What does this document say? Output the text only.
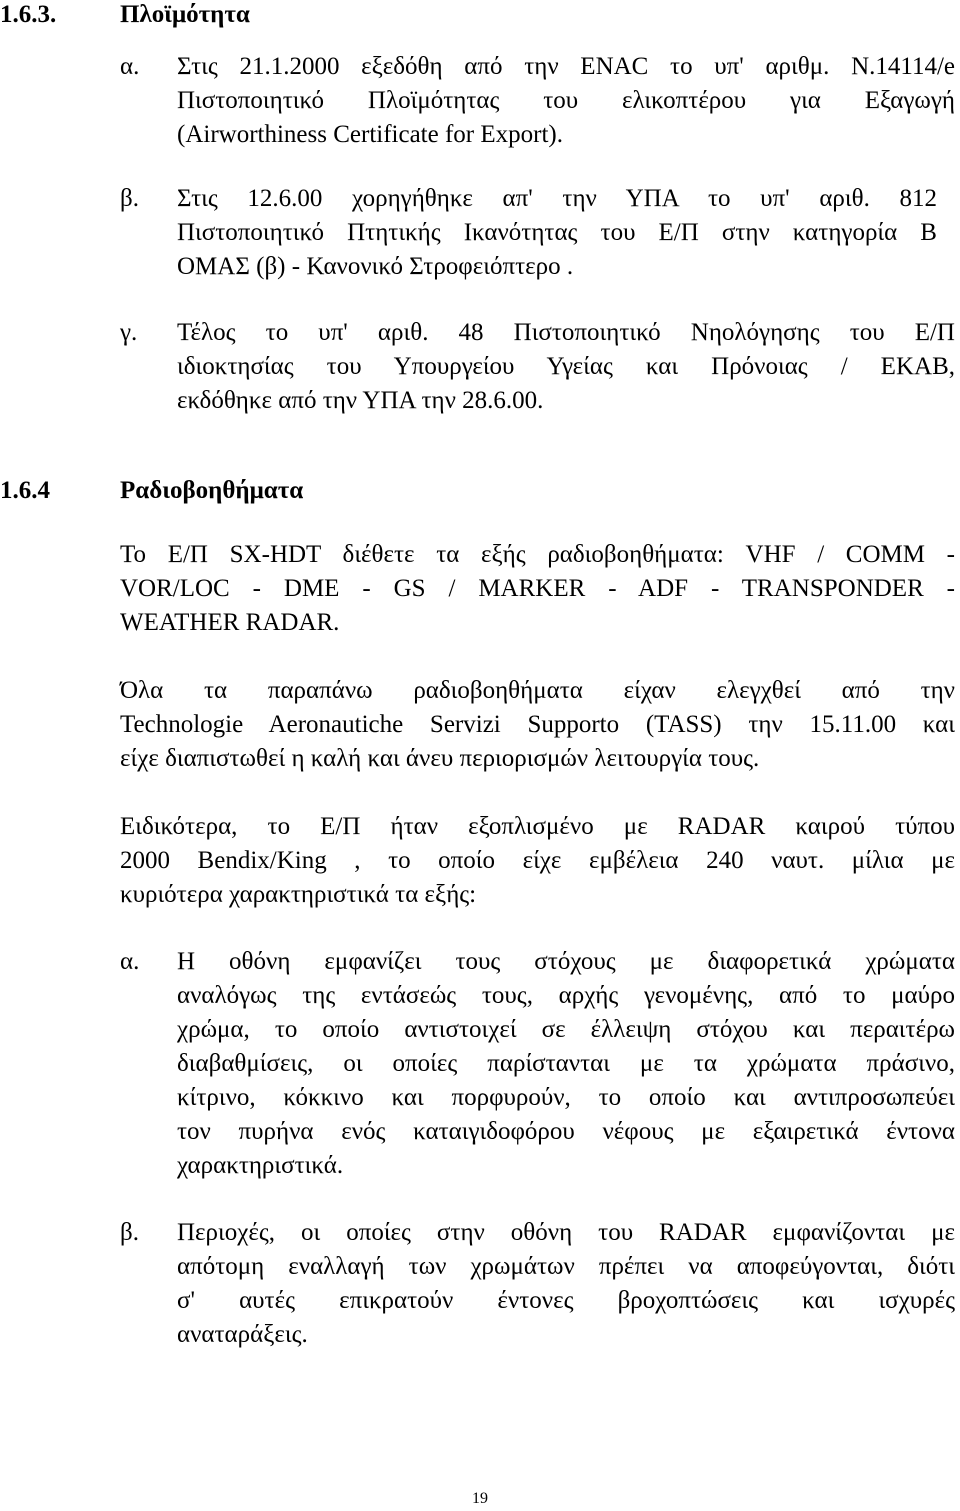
1.6.3.	Πλοϊμότητα
α. Στις 21.1.2000 εξεδόθη από την ENAC το υπ' αριθμ. Ν.14114/e
Πιστοποιητικό Πλοϊμότητας του ελικοπτέρου για Εξαγωγή
(Airworthiness Certificate for Export).
β. Στις 12.6.00 χορηγήθηκε απ' την ΥΠΑ το υπ' αριθ. 812
Πιστοποιητικό Πτητικής Ικανότητας του Ε/Π στην κατηγορία Β
ΟΜΑΣ (β) - Κανονικό Στροφειόπτερο .
γ. Τέλος το υπ' αριθ. 48 Πιστοποιητικό Νηολόγησης του Ε/Π
ιδιοκτησίας του Υπουργείου Υγείας και Πρόνοιας / ΕΚΑΒ,
εκδόθηκε από την ΥΠΑ την 28.6.00.
1.6.4	Ραδιοβοηθήματα
Το Ε/Π SX-HDT διέθετε τα εξής ραδιοβοηθήματα: VHF / COMM -
VOR/LOC - DME - GS / MARKER - ADF - TRANSPONDER -
WEATHER RADAR.
Όλα τα παραπάνω ραδιοβοηθήματα είχαν ελεγχθεί από την
Technologie Aeronautiche Servizi Supporto (TASS) την 15.11.00 και
είχε διαπιστωθεί η καλή και άνευ περιορισμών λειτουργία τους.
Ειδικότερα, το Ε/Π ήταν εξοπλισμένο με RADAR καιρού τύπου
2000 Bendix/King , το οποίο είχε εμβέλεια 240 ναυτ. μίλια με
κυριότερα χαρακτηριστικά τα εξής:
α. Η οθόνη εμφανίζει τους στόχους με διαφορετικά χρώματα
αναλόγως της εντάσεώς τους, αρχής γενομένης, από το μαύρο
χρώμα, το οποίο αντιστοιχεί σε έλλειψη στόχου και περαιτέρω
διαβαθμίσεις, οι οποίες παρίστανται με τα χρώματα πράσινο,
κίτρινο, κόκκινο και πορφυρούν, το οποίο και αντιπροσωπεύει
τον πυρήνα ενός καταιγιδοφόρου νέφους με εξαιρετικά έντονα
χαρακτηριστικά.
β. Περιοχές, οι οποίες στην οθόνη του RADAR εμφανίζονται με
απότομη εναλλαγή των χρωμάτων πρέπει να αποφεύγονται, διότι
σ' αυτές επικρατούν έντονες βροχοπτώσεις και ισχυρές
αναταράξεις.
19
